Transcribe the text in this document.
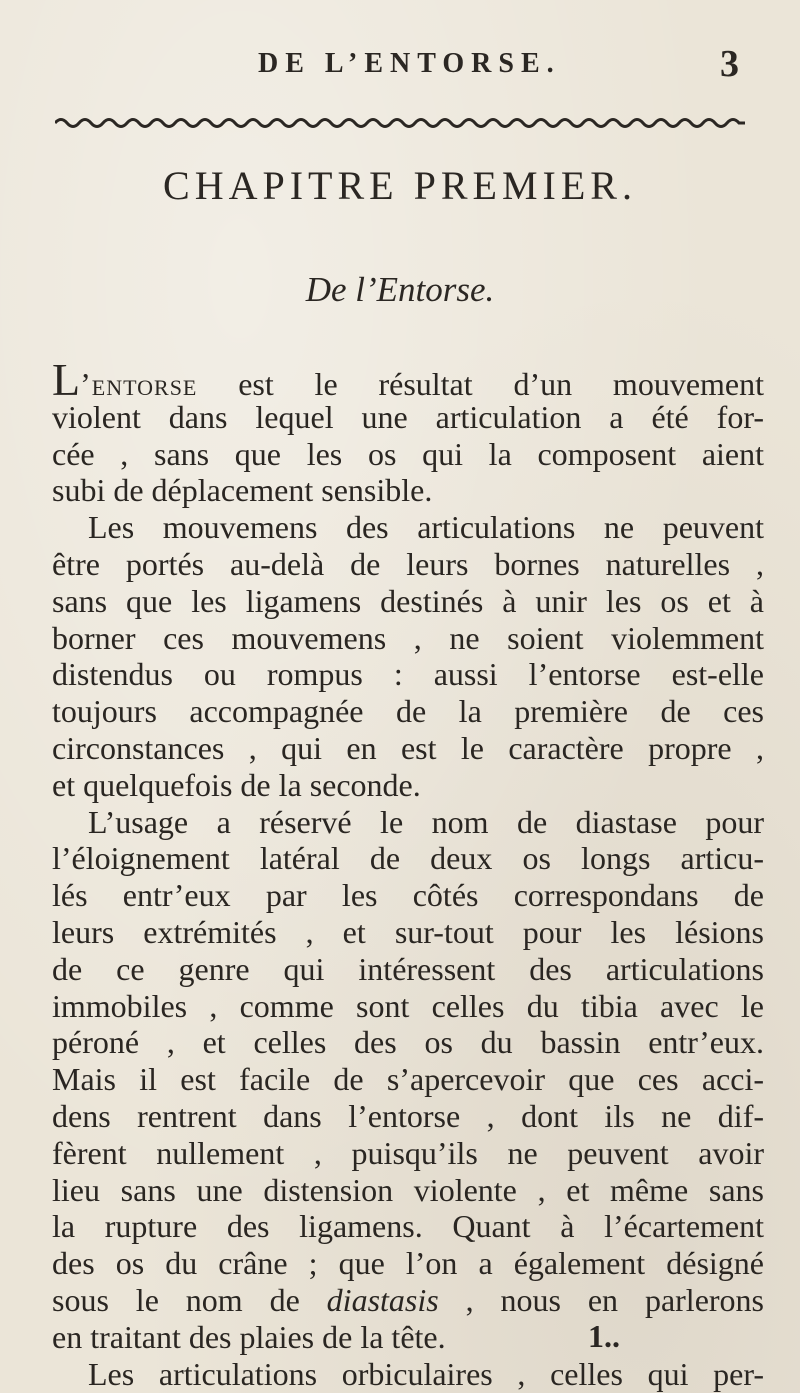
DE L’ENTORSE.	3
CHAPITRE PREMIER.
De l’Entorse.
L’entorse est le résultat d’un mouvement
violent dans lequel une articulation a été for-
cée , sans que les os qui la composent aient
subi de déplacement sensible.
Les mouvemens des articulations ne peuvent
être portés au-delà de leurs bornes naturelles ,
sans que les ligamens destinés à unir les os et à
borner ces mouvemens , ne soient violemment
distendus ou rompus : aussi l’entorse est-elle
toujours accompagnée de la première de ces
circonstances , qui en est le caractère propre ,
et quelquefois de la seconde.
L’usage a réservé le nom de diastase pour
l’éloignement latéral de deux os longs articu-
lés entr’eux par les côtés correspondans de
leurs extrémités , et sur-tout pour les lésions
de ce genre qui intéressent des articulations
immobiles , comme sont celles du tibia avec le
péroné , et celles des os du bassin entr’eux.
Mais il est facile de s’apercevoir que ces acci-
dens rentrent dans l’entorse , dont ils ne dif-
fèrent nullement , puisqu’ils ne peuvent avoir
lieu sans une distension violente , et même sans
la rupture des ligamens. Quant à l’écartement
des os du crâne ; que l’on a également désigné
sous le nom de diastasis , nous en parlerons
en traitant des plaies de la tête.
Les articulations orbiculaires , celles qui per-
1..
